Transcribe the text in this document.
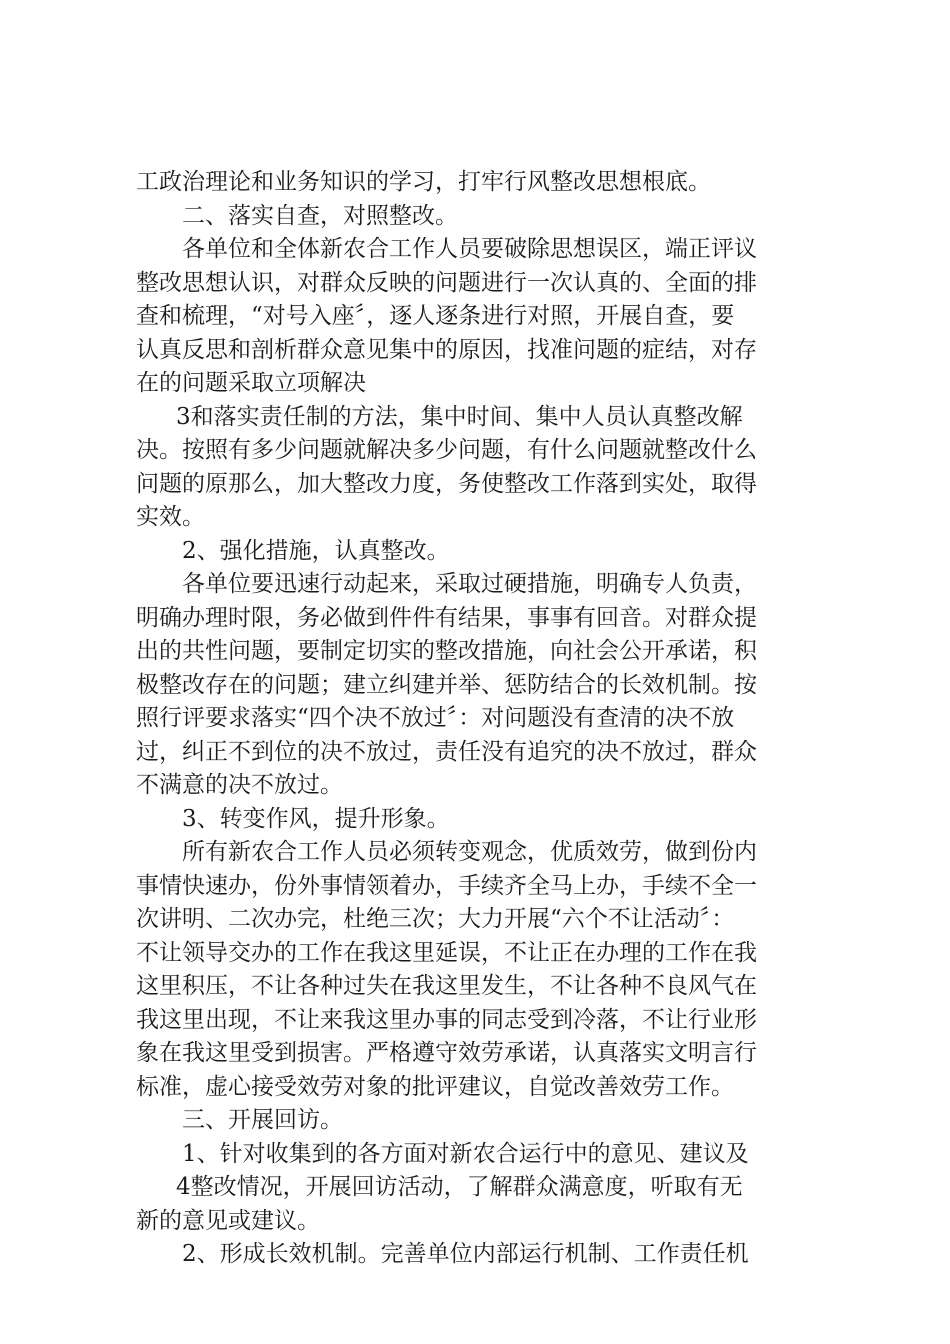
工政治理论和业务知识的学习，打牢行风整改思想根底。
二、落实自查，对照整改。
各单位和全体新农合工作人员要破除思想误区，端正评议
整改思想认识，对群众反映的问题进行一次认真的、全面的排
查和梳理，“对号入座〞，逐人逐条进行对照，开展自查，要
认真反思和剖析群众意见集中的原因，找准问题的症结，对存
在的问题采取立项解决
3和落实责任制的方法，集中时间、集中人员认真整改解
决。按照有多少问题就解决多少问题，有什么问题就整改什么
问题的原那么，加大整改力度，务使整改工作落到实处，取得
实效。
2、强化措施，认真整改。
各单位要迅速行动起来，采取过硬措施，明确专人负责，
明确办理时限，务必做到件件有结果，事事有回音。对群众提
出的共性问题，要制定切实的整改措施，向社会公开承诺，积
极整改存在的问题；建立纠建并举、惩防结合的长效机制。按
照行评要求落实“四个决不放过〞：对问题没有查清的决不放
过，纠正不到位的决不放过，责任没有追究的决不放过，群众
不满意的决不放过。
3、转变作风，提升形象。
所有新农合工作人员必须转变观念，优质效劳，做到份内
事情快速办，份外事情领着办，手续齐全马上办，手续不全一
次讲明、二次办完，杜绝三次；大力开展“六个不让活动〞：
不让领导交办的工作在我这里延误，不让正在办理的工作在我
这里积压，不让各种过失在我这里发生，不让各种不良风气在
我这里出现，不让来我这里办事的同志受到冷落，不让行业形
象在我这里受到损害。严格遵守效劳承诺，认真落实文明言行
标准，虚心接受效劳对象的批评建议，自觉改善效劳工作。
三、开展回访。
1、针对收集到的各方面对新农合运行中的意见、建议及
4整改情况，开展回访活动，了解群众满意度，听取有无
新的意见或建议。
2、形成长效机制。完善单位内部运行机制、工作责任机
